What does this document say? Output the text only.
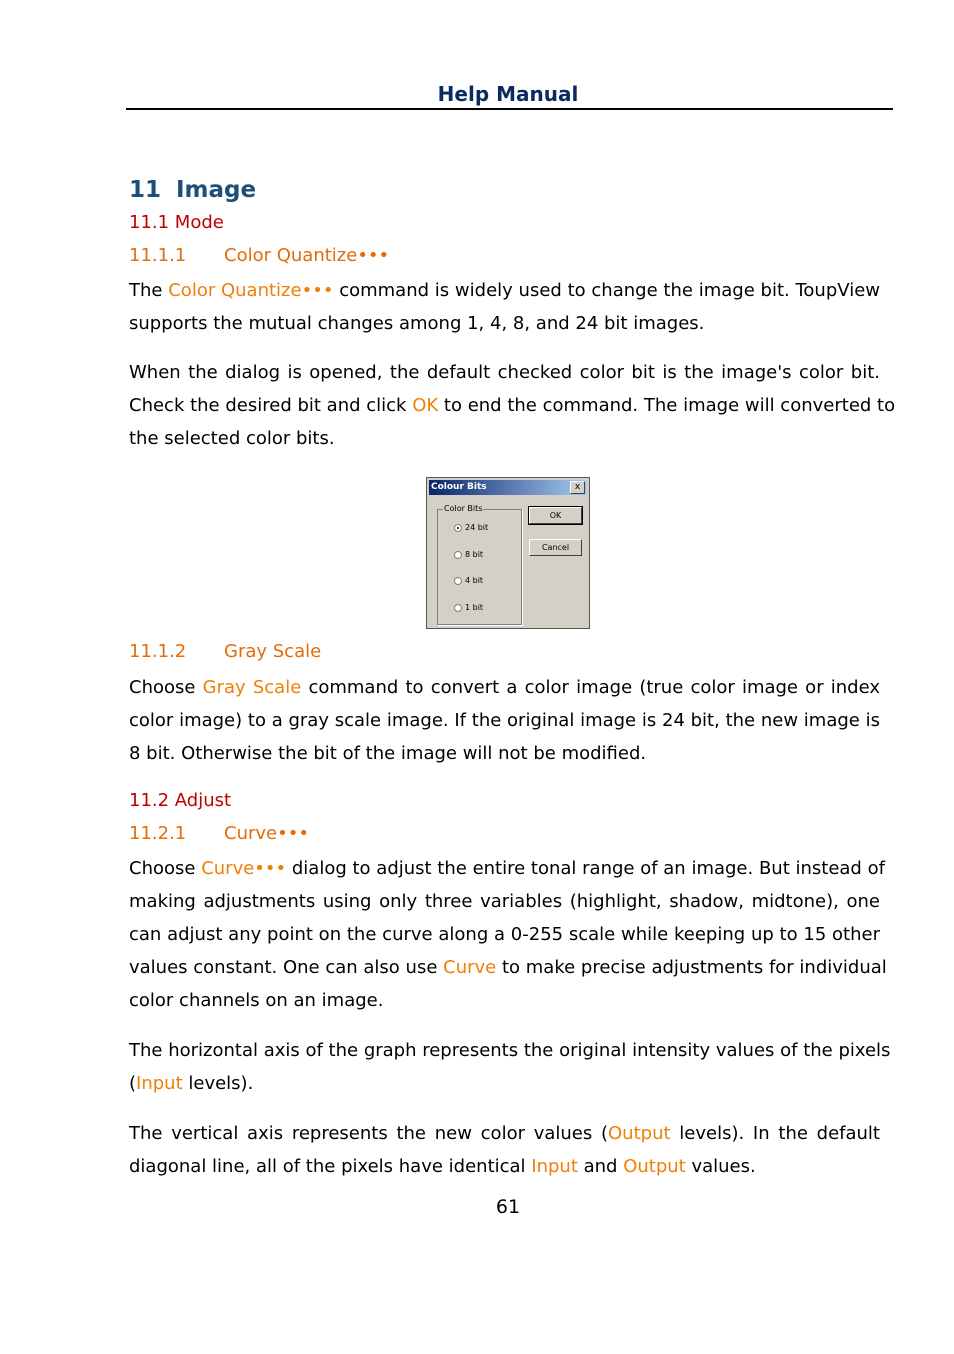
Help Manual
11 Image
11.1 Mode
11.1.1 Color Quantize•••
The Color Quantize••• command is widely used to change the image bit. ToupView
supports the mutual changes among 1, 4, 8, and 24 bit images.
When the dialog is opened, the default checked color bit is the image's color bit.
Check the desired bit and click OK to end the command. The image will converted to
the selected color bits.
Colour Bits	x
Color Bits
24 bit
8 bit
4 bit
1 bit
OK
Cancel
11.1.2 Gray Scale
Choose Gray Scale command to convert a color image (true color image or index
color image) to a gray scale image. If the original image is 24 bit, the new image is
8 bit. Otherwise the bit of the image will not be modified.
11.2 Adjust
11.2.1 Curve•••
Choose Curve••• dialog to adjust the entire tonal range of an image. But instead of
making adjustments using only three variables (highlight, shadow, midtone), one
can adjust any point on the curve along a 0-255 scale while keeping up to 15 other
values constant. One can also use Curve to make precise adjustments for individual
color channels on an image.
The horizontal axis of the graph represents the original intensity values of the pixels
(Input levels).
The vertical axis represents the new color values (Output levels). In the default
diagonal line, all of the pixels have identical Input and Output values.
61
